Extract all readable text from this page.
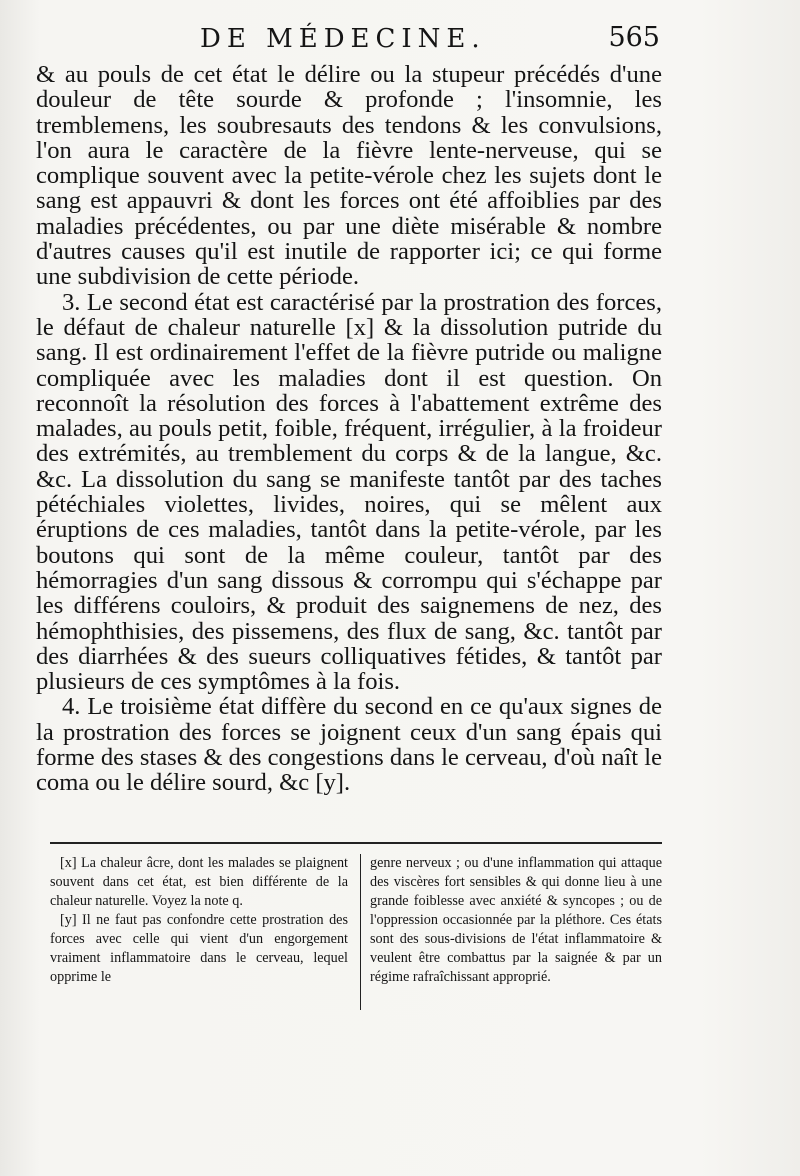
DE MÉDECINE.	565

& au pouls de cet état le délire ou la stupeur précédés d'une douleur de tête sourde & profonde ; l'insomnie, les tremblemens, les soubresauts des tendons & les convulsions, l'on aura le caractère de la fièvre lente-nerveuse, qui se complique souvent avec la petite-vérole chez les sujets dont le sang est appauvri & dont les forces ont été affoiblies par des maladies précédentes, ou par une diète misérable & nombre d'autres causes qu'il est inutile de rapporter ici; ce qui forme une subdivision de cette période.

3. Le second état est caractérisé par la prostration des forces, le défaut de chaleur naturelle [x] & la dissolution putride du sang. Il est ordinairement l'effet de la fièvre putride ou maligne compliquée avec les maladies dont il est question. On reconnoît la résolution des forces à l'abattement extrême des malades, au pouls petit, foible, fréquent, irrégulier, à la froideur des extrémités, au tremblement du corps & de la langue, &c. &c. La dissolution du sang se manifeste tantôt par des taches pétéchiales violettes, livides, noires, qui se mêlent aux éruptions de ces maladies, tantôt dans la petite-vérole, par les boutons qui sont de la même couleur, tantôt par des hémorragies d'un sang dissous & corrompu qui s'échappe par les différens couloirs, & produit des saignemens de nez, des hémophthisies, des pissemens, des flux de sang, &c. tantôt par des diarrhées & des sueurs colliquatives fétides, & tantôt par plusieurs de ces symptômes à la fois.

4. Le troisième état diffère du second en ce qu'aux signes de la prostration des forces se joignent ceux d'un sang épais qui forme des stases & des congestions dans le cerveau, d'où naît le coma ou le délire sourd, &c [y].

[x] La chaleur âcre, dont les malades se plaignent souvent dans cet état, est bien différente de la chaleur naturelle. Voyez la note q.

[y] Il ne faut pas confondre cette prostration des forces avec celle qui vient d'un engorgement vraiment inflammatoire dans le cerveau, lequel opprime le

genre nerveux ; ou d'une inflammation qui attaque des viscères fort sensibles & qui donne lieu à une grande foiblesse avec anxiété & syncopes ; ou de l'oppression occasionnée par la pléthore. Ces états sont des sous-divisions de l'état inflammatoire & veulent être combattus par la saignée & par un régime rafraîchissant approprié.
